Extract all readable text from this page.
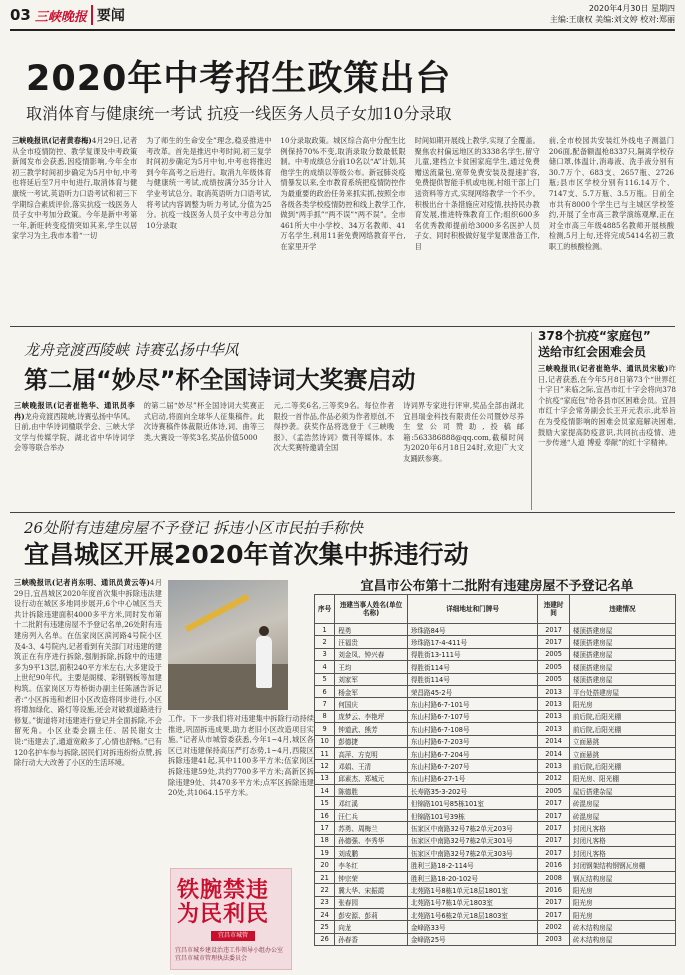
03 三峡晚报 要闻	2020年4月30日 星期四
主编:王康权 美编:刘文婷 校对:郑丽
2020年中考招生政策出台
取消体育与健康统一考试 抗疫一线医务人员子女加10分录取
三峡晚报讯(记者黄春梅)4月29日,记者从全市疫情防控、教学复课及中考政策新闻发布会获悉,因疫情影响,今年全市初三教学时间初步确定为5月中旬,中考也将延后至7月中旬进行,取消体育与健康统一考试,英语听力口语考试和初三下学期综合素质评价,落实抗疫一线医务人员子女中考加分政策。今年是新中考第一年,新旺转变疫情突如其来,学生以居家学习为主,我市本着“一切
为了师生的生命安全”理念,稳妥推进中考改革。首先是推迟中考时间,初三复学时间初步确定为5月中旬,中考也将推迟到今年高考之后进行。取消九年级体育与健康统一考试,成绩按满分35分计入学业考试总分。取消英语听力口语考试,将考试内容调整为听力考试,分值为25分。抗疫一线医务人员子女中考总分加10分录取
10分录取政策。城区综合高中分配生比例保持70%不变,取消录取分数最低限制。中考成绩总分前10名以“A”计划,其他学生的成绩以等级公布。新冠肺炎疫情暴发以来,全市教育系统把疫情防控作为最重要的政治任务来抓实抓,按照全市各级各类学校疫情防控和线上教学工作,做到“两手抓”“两不误”“两不误”。全市461所大中小学校、34万名教师、41万名学生,利用11套免费网络教育平台,在家里开学
时间如期开展线上教学,实现了全覆盖。聚焦农村偏远地区的3338名学生,留守儿童,建档立卡贫困家庭学生,通过免费赠送流量包,宽带免费安装及提速扩容,免费提供智能手机或电视,村组干部上门送资料等方式,实现网络教学一个不少。积极出台十条措施应对疫情,扶持民办教育发展,推进特殊教育工作;组织600多名优秀教师提前给3000多名医护人员子女、同时积极做好复学复课准备工作,目
前,全市校园共安装红外线电子测温门206面,配备额温枪8337只,隔离学校存储口罩,体温计,消毒液、洗手液分别有30.7万个、683支、2657瓶、2726瓶;县市区学校分别有116.14万个、7147支、5.7万瓶、3.5万瓶。日前全市共有8000个学生已与主城区学校签约,开展了全市高三教学演练观摩,正在对全市高三年级4885名教师开展核酸检测,5月上旬,还将完成5414名初三教职工的核酸检测。
龙舟竞渡西陵峡 诗赛弘扬中华风
第二届“妙尽”杯全国诗词大奖赛启动
三峡晚报讯(记者崔艳华、通讯员李冉)龙舟竞渡西陵峡,诗赛弘扬中华风。日前,由中华诗词楹联学会、三峡大学文学与传媒学院、湖北省中华诗词学会等等联合举办
的第二届“妙尽”杯全国诗词大奖赛正式启动,将面向全球华人征集稿件。此次诗赛稿件体裁限近体诗,词、曲等三类,大赛设一等奖3名,奖品价值5000
元,二等奖6名,三等奖9名。每位作者限投一首作品,作品必须为作者原创,不得抄袭。获奖作品将选登于《三峡晚报》、《孟浩然诗词》微刊等媒体。本次大奖赛特邀请全国
诗词界专家进行评审,奖品全部由湖北宜昌瑞金科技有限责任公司暨妙尽养生堂公司赞助,投稿邮箱:563386888@qq.com,截稿时间为2020年6月18日24时,欢迎广大文友踊跃参赛。
378个抗疫“家庭包”
送给市红会困难会员
三峡晚报讯(记者崔艳华、通讯员宋敏)昨日,记者获悉,在今年5月8日第73个“世界红十字日”来临之际,宜昌市红十字会将向378个抗疫“家庭包”给各县市区困难会员。宜昌市红十字会常务副会长王开元表示,此举旨在为受疫情影响的困难会员家庭解决困难,鼓励大家提高防疫意识,共同抗击疫情、进一步传递“人道 博爱 奉献”的红十字精神。
26处附有违建房屋不予登记 拆违小区市民拍手称快
宜昌城区开展2020年首次集中拆违行动
三峡晚报讯(记者肖东明、通讯员黄云等)4月29日,宜昌城区2020年度首次集中拆除违法建设行动在城区多地同步展开,6个中心城区当天共计拆除违建面积4000多平方米,同时发布第十二批附有违建房屋不予登记名单,26处附有违建房列入名单。在伍家岗区滨河路4号院小区及4-3、4号院内,记者看到有关部门对违建的建筑正在有序进行拆除,强制拆除,拆除中的违建多为9平13层,面积240平方米左右,大多建设于上世纪90年代。主要是阁楼、彩钢钢板等加建构筑。伍家岗区万寿桥街办副主任陈涵告诉记者:“小区拆违和老旧小区改造将同步进行,小区将增加绿化、路灯等设施,还会对破损道路进行修复。”街道将对违建进行登记并全面拆除,不会留死角。小区业委会副主任、居民谢女士说:“违建去了,通道宽敞多了,心情也舒畅。”已有120名护车参与拆除,居民们对拆违纷纷点赞,拆除行动大大改善了小区的生活环境。
工作。下一步我们将对违建集中拆除行动持续推进,巩固拆违成果,助力老旧小区改造项目实施。”记者从市城管委获悉,今年1~4月,城区各区已对违建保持高压严打态势,1~4月,西陵区拆除违建41起,其中1100多平方米;伍家岗区拆除违建59处,共约7700多平方米;高新区拆除违建9处、共470多平方米;点军区拆除违建20处,共1064.15平方米。
铁腕禁违
为民利民
宜昌市城管
宜昌市城乡建设治违工作领导小组办公室 宜昌市城市管理执法委员会
宜昌市公布第十二批附有违建房屋不予登记名单
序号	违建当事人姓名(单位名称)	详细地址和门牌号	违建时间	违建情况
1	程勇	珍珠路84号	2017	楼顶搭建房屋
2	汪福贵	珍珠路17-4-411号	2017	楼顶搭建房屋
3	刘金凤、钟兴春	得胜街13-111号	2005	楼顶搭建房屋
4	王均	得胜街114号	2005	楼顶搭建房屋
5	刘家军	得胜街114号	2005	楼顶搭建房屋
6	杨金军	荣昌路45-2号	2013	平台处搭建房屋
7	何国庆	东山村路6-7-101号	2013	阳光房
8	庞梦云、李艳坪	东山村路6-7-107号	2013	前后院,后阳光棚
9	钟道武、熊芳	东山村路6-7-108号	2013	前后院,后阳光棚
10	彭德捷	东山村路6-7-203号	2014	立面悬挑
11	高萍、方克明	东山村路6-7-204号	2014	立面悬挑
12	邓娟、王清	东山村路6-7-207号	2013	前后院,后阳光棚
13	邱素杰、郑城元	东山村路6-27-1号	2012	阳光房、阳光棚
14	陈德胜	长寿路35-3-202号	2005	屋后搭建杂屋
15	邓红溪	但锦路101号85栋101室	2017	砖混房屋
16	汪仁兵	但锦路101号39栋	2017	砖混房屋
17	苏勇、周梅兰	伍家区中南路32号7栋2单元203号	2017	封闭凡客格
18	孙德强、李秀华	伍家区中南路32号7栋2单元301号	2017	封闭凡客格
19	刘成鹏	伍家区中南路32号7栋2单元303号	2017	封闭凡客格
20	李冬红	胜利三路18-2-114号	2016	封闭钢架结构钢钢瓦房棚
21	钟宗荣	胜利三路18-20-102号	2008	钢瓦结构房屋
22	冀大华、宋振霞	北苑路1号8栋1单元18层1801室	2016	阳光房
23	张春园	北苑路1号7栋1单元1803室	2017	阳光房
24	彭安源、彭莉	北苑路1号6栋2单元18层1803室	2017	阳光房
25	向龙	金峰路33号	2002	砖木结构房屋
26	孙春香	金峰路25号	2003	砖木结构房屋
